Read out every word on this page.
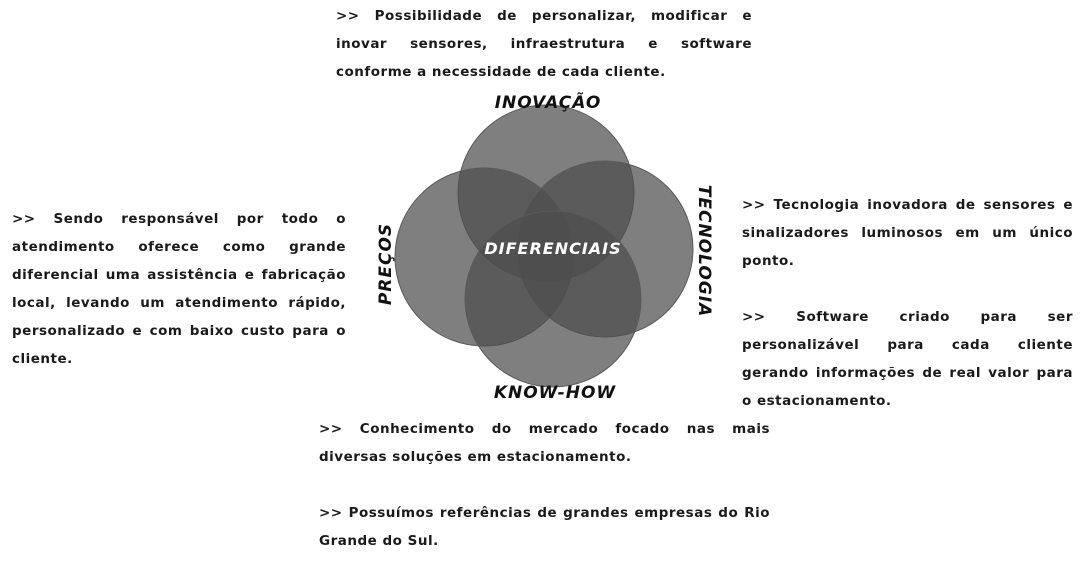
>> Possibilidade de personalizar, modificar e inovar sensores, infraestrutura e software conforme a necessidade de cada cliente.

>> Sendo responsável por todo o atendimento oferece como grande diferencial uma assistência e fabricação local, levando um atendimento rápido, personalizado e com baixo custo para o cliente.

>> Tecnologia inovadora de sensores e sinalizadores luminosos em um único ponto.

>> Software criado para ser personalizável para cada cliente gerando informações de real valor para o estacionamento.

>> Conhecimento do mercado focado nas mais diversas soluções em estacionamento.

>> Possuímos referências de grandes empresas do Rio Grande do Sul.

INOVAÇÃO
PREÇOS	TECNOLOGIA
KNOW-HOW
DIFERENCIAIS
